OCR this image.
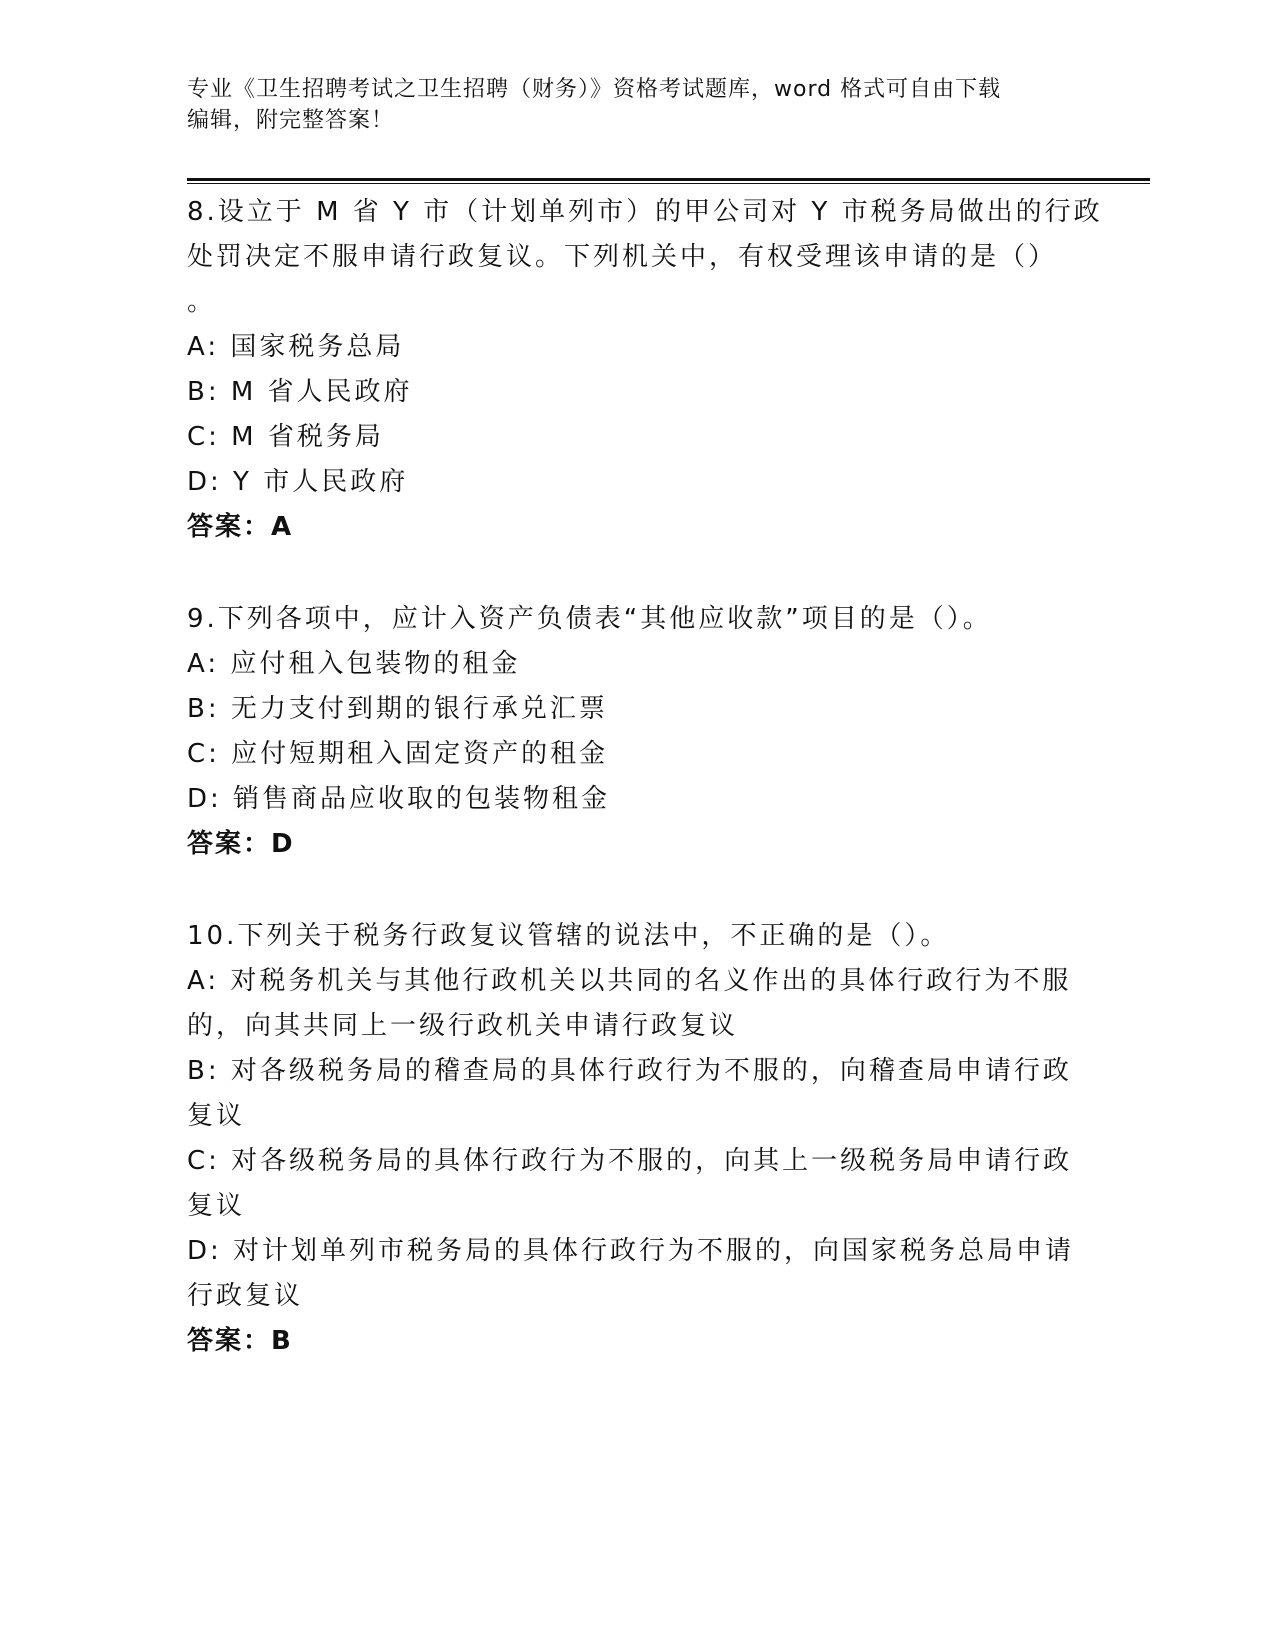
专业《卫生招聘考试之卫生招聘（财务）》资格考试题库，word 格式可自由下载
编辑，附完整答案！
8.设立于 M 省 Y 市（计划单列市）的甲公司对 Y 市税务局做出的行政
处罚决定不服申请行政复议。下列机关中，有权受理该申请的是（）
。
A: 国家税务总局
B: M 省人民政府
C: M 省税务局
D: Y 市人民政府
答案：A
9.下列各项中，应计入资产负债表“其他应收款”项目的是（）。
A: 应付租入包装物的租金
B: 无力支付到期的银行承兑汇票
C: 应付短期租入固定资产的租金
D: 销售商品应收取的包装物租金
答案：D
10.下列关于税务行政复议管辖的说法中，不正确的是（）。
A: 对税务机关与其他行政机关以共同的名义作出的具体行政行为不服
的，向其共同上一级行政机关申请行政复议
B: 对各级税务局的稽查局的具体行政行为不服的，向稽查局申请行政
复议
C: 对各级税务局的具体行政行为不服的，向其上一级税务局申请行政
复议
D: 对计划单列市税务局的具体行政行为不服的，向国家税务总局申请
行政复议
答案：B
